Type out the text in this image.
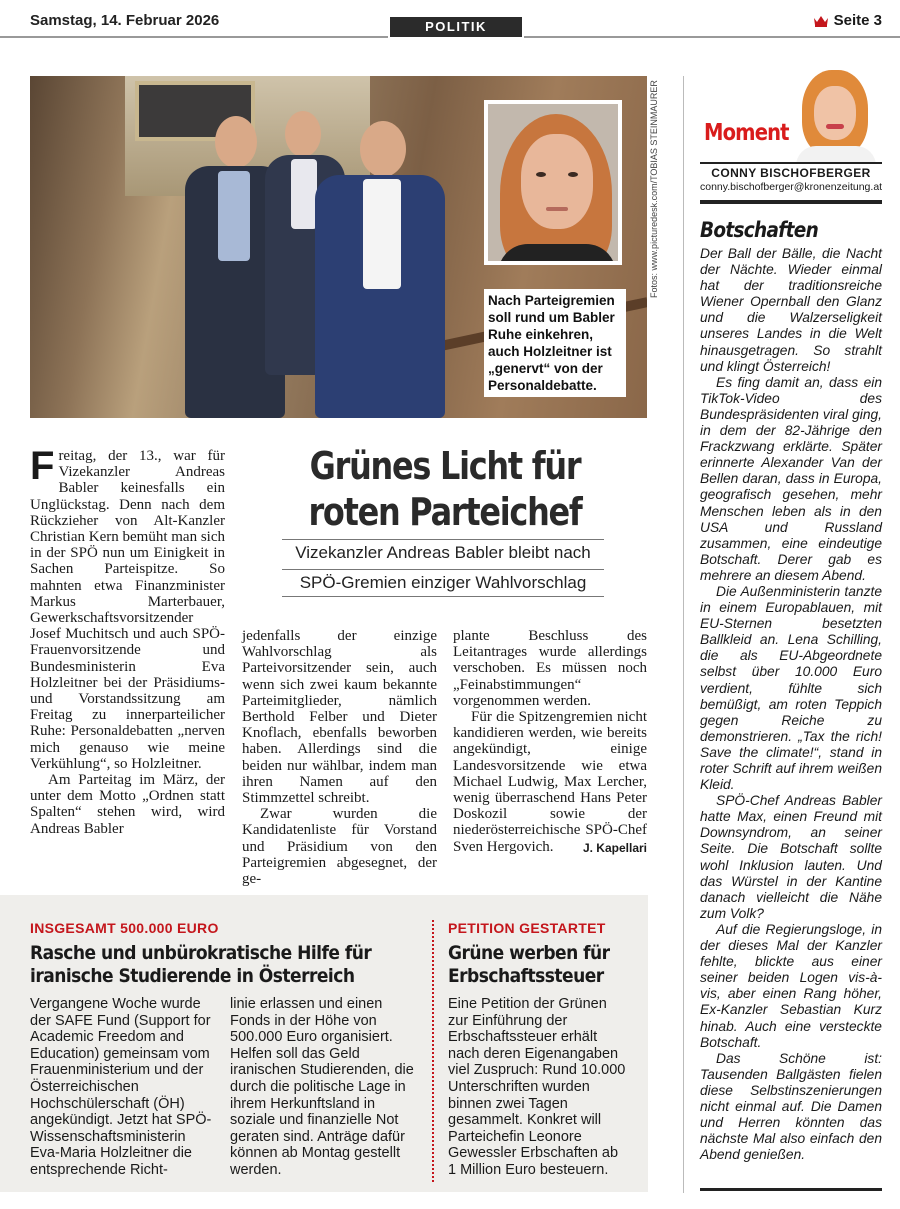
Samstag, 14. Februar 2026	POLITIK	Seite 3
Nach Parteigremien soll rund um Babler Ruhe einkehren, auch Holzleitner ist „genervt“ von der Personaldebatte.
Fotos: www.picturedesk.com/TOBIAS STEINMAURER
Grünes Licht für
roten Parteichef
Vizekanzler Andreas Babler bleibt nach
SPÖ-Gremien einziger Wahlvorschlag

Freitag, der 13., war für Vizekanzler Andreas Babler keinesfalls ein Unglückstag. Denn nach dem Rückzieher von Alt-Kanzler Christian Kern bemüht man sich in der SPÖ nun um Einigkeit in Sachen Parteispitze. So mahnten etwa Finanzminister Markus Marterbauer, Gewerkschaftsvorsitzender Josef Muchitsch und auch SPÖ-Frauenvorsitzende und Bundesministerin Eva Holzleitner bei der Präsidiums- und Vorstandssitzung am Freitag zu innerparteilicher Ruhe: Personaldebatten „nerven mich genauso wie meine Verkühlung“, so Holzleitner.

Am Parteitag im März, der unter dem Motto „Ordnen statt Spalten“ stehen wird, wird Andreas Babler

jedenfalls der einzige Wahlvorschlag als Parteivorsitzender sein, auch wenn sich zwei kaum bekannte Parteimitglieder, nämlich Berthold Felber und Dieter Knoflach, ebenfalls beworben haben. Allerdings sind die beiden nur wählbar, indem man ihren Namen auf den Stimmzettel schreibt.

Zwar wurden die Kandidatenliste für Vorstand und Präsidium von den Parteigremien abgesegnet, der ge-

plante Beschluss des Leitantrages wurde allerdings verschoben. Es müssen noch „Feinabstimmungen“ vorgenommen werden.

Für die Spitzengremien nicht kandidieren werden, wie bereits angekündigt, einige Landesvorsitzende wie etwa Michael Ludwig, Max Lercher, wenig überraschend Hans Peter Doskozil sowie der niederösterreichische SPÖ-Chef Sven Hergovich.	J. Kapellari
INSGESAMT 500.000 EURO
Rasche und unbürokratische Hilfe für
iranische Studierende in Österreich
Vergangene Woche wurde der SAFE Fund (Support for Academic Freedom and Education) gemeinsam vom Frauenministerium und der Österreichischen Hochschülerschaft (ÖH) angekündigt. Jetzt hat SPÖ-Wissenschaftsministerin Eva-Maria Holzleitner die entsprechende Richt-
linie erlassen und einen Fonds in der Höhe von 500.000 Euro organisiert. Helfen soll das Geld iranischen Studierenden, die durch die politische Lage in ihrem Herkunftsland in soziale und finanzielle Not geraten sind. Anträge dafür können ab Montag gestellt werden.
PETITION GESTARTET
Grüne werben für
Erbschaftssteuer
Eine Petition der Grünen zur Einführung der Erbschaftssteuer erhält nach deren Eigenangaben viel Zuspruch: Rund 10.000 Unterschriften wurden binnen zwei Tagen gesammelt. Konkret will Parteichefin Leonore Gewessler Erbschaften ab 1 Million Euro besteuern.
Moment
CONNY BISCHOFBERGER
conny.bischofberger@kronenzeitung.at
Botschaften

Der Ball der Bälle, die Nacht der Nächte. Wieder einmal hat der traditionsreiche Wiener Opernball den Glanz und die Walzerseligkeit unseres Landes in die Welt hinausgetragen. So strahlt und klingt Österreich!

Es fing damit an, dass ein TikTok-Video des Bundespräsidenten viral ging, in dem der 82-Jährige den Frackzwang erklärte. Später erinnerte Alexander Van der Bellen daran, dass in Europa, geografisch gesehen, mehr Menschen leben als in den USA und Russland zusammen, eine eindeutige Botschaft. Derer gab es mehrere an diesem Abend.

Die Außenministerin tanzte in einem Europablauen, mit EU-Sternen besetzten Ballkleid an. Lena Schilling, die als EU-Abgeordnete selbst über 10.000 Euro verdient, fühlte sich bemüßigt, am roten Teppich gegen Reiche zu demonstrieren. „Tax the rich! Save the climate!“, stand in roter Schrift auf ihrem weißen Kleid.

SPÖ-Chef Andreas Babler hatte Max, einen Freund mit Downsyndrom, an seiner Seite. Die Botschaft sollte wohl Inklusion lauten. Und das Würstel in der Kantine danach vielleicht die Nähe zum Volk?

Auf die Regierungsloge, in der dieses Mal der Kanzler fehlte, blickte aus einer seiner beiden Logen vis-à-vis, aber einen Rang höher, Ex-Kanzler Sebastian Kurz hinab. Auch eine versteckte Botschaft.

Das Schöne ist: Tausenden Ballgästen fielen diese Selbstinszenierungen nicht einmal auf. Die Damen und Herren könnten das nächste Mal also einfach den Abend genießen.
